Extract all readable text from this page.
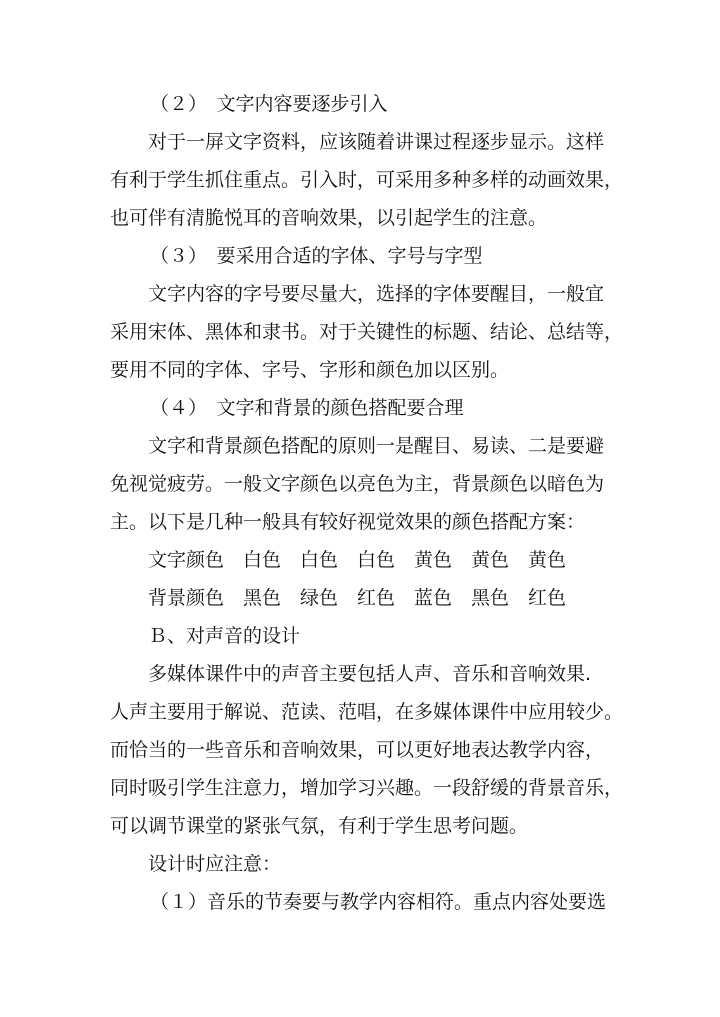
（２）　文字内容要逐步引入
对于一屏文字资料，应该随着讲课过程逐步显示。这样
有利于学生抓住重点。引入时，可采用多种多样的动画效果，
也可伴有清脆悦耳的音响效果，以引起学生的注意。
（３）　要采用合适的字体、字号与字型
文字内容的字号要尽量大，选择的字体要醒目，一般宜
采用宋体、黑体和隶书。对于关键性的标题、结论、总结等，
要用不同的字体、字号、字形和颜色加以区别。
（４）　文字和背景的颜色搭配要合理
文字和背景颜色搭配的原则一是醒目、易读、二是要避
免视觉疲劳。一般文字颜色以亮色为主，背景颜色以暗色为
主。以下是几种一般具有较好视觉效果的颜色搭配方案：
文字颜色　白色　白色　白色　黄色　黄色　黄色
背景颜色　黑色　绿色　红色　蓝色　黑色　红色
Ｂ、对声音的设计
多媒体课件中的声音主要包括人声、音乐和音响效果.
人声主要用于解说、范读、范唱，在多媒体课件中应用较少。
而恰当的一些音乐和音响效果，可以更好地表达教学内容，
同时吸引学生注意力，增加学习兴趣。一段舒缓的背景音乐，
可以调节课堂的紧张气氛，有利于学生思考问题。
设计时应注意：
（１）音乐的节奏要与教学内容相符。重点内容处要选
